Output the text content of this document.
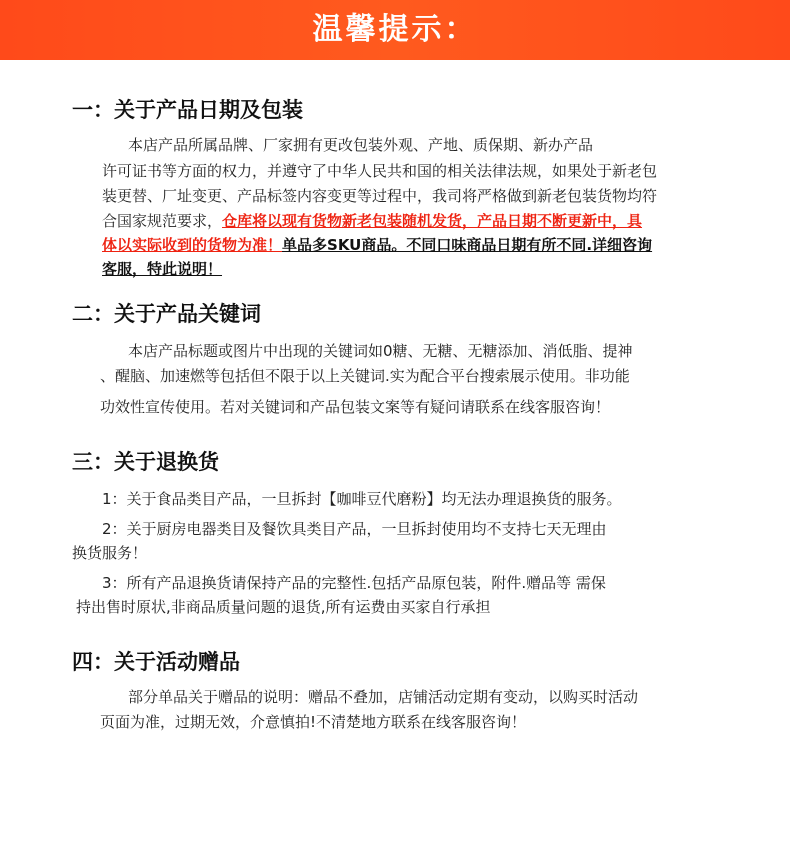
温馨提示：
一：关于产品日期及包装
本店产品所属品牌、厂家拥有更改包装外观、产地、质保期、新办产品
许可证书等方面的权力，并遵守了中华人民共和国的相关法律法规，如果处于新老包
装更替、厂址变更、产品标签内容变更等过程中，我司将严格做到新老包装货物均符
合国家规范要求，仓库将以现有货物新老包装随机发货，产品日期不断更新中，具
体以实际收到的货物为准！单品多SKU商品。不同口味商品日期有所不同.详细咨询
客服，特此说明！
二：关于产品关键词
本店产品标题或图片中出现的关键词如0糖、无糖、无糖添加、消低脂、提神
、醒脑、加速燃等包括但不限于以上关键词.实为配合平台搜索展示使用。非功能
功效性宣传使用。若对关键词和产品包装文案等有疑问请联系在线客服咨询！
三：关于退换货
1：关于食品类目产品，一旦拆封【咖啡豆代磨粉】均无法办理退换货的服务。
2：关于厨房电器类目及餐饮具类目产品，一旦拆封使用均不支持七天无理由
换货服务！
3：所有产品退换货请保持产品的完整性.包括产品原包装，附件.赠品等 需保
持出售时原状,非商品质量问题的退货,所有运费由买家自行承担
四：关于活动赠品
部分单品关于赠品的说明：赠品不叠加，店铺活动定期有变动，以购买时活动
页面为准，过期无效，介意慎拍!不清楚地方联系在线客服咨询！
